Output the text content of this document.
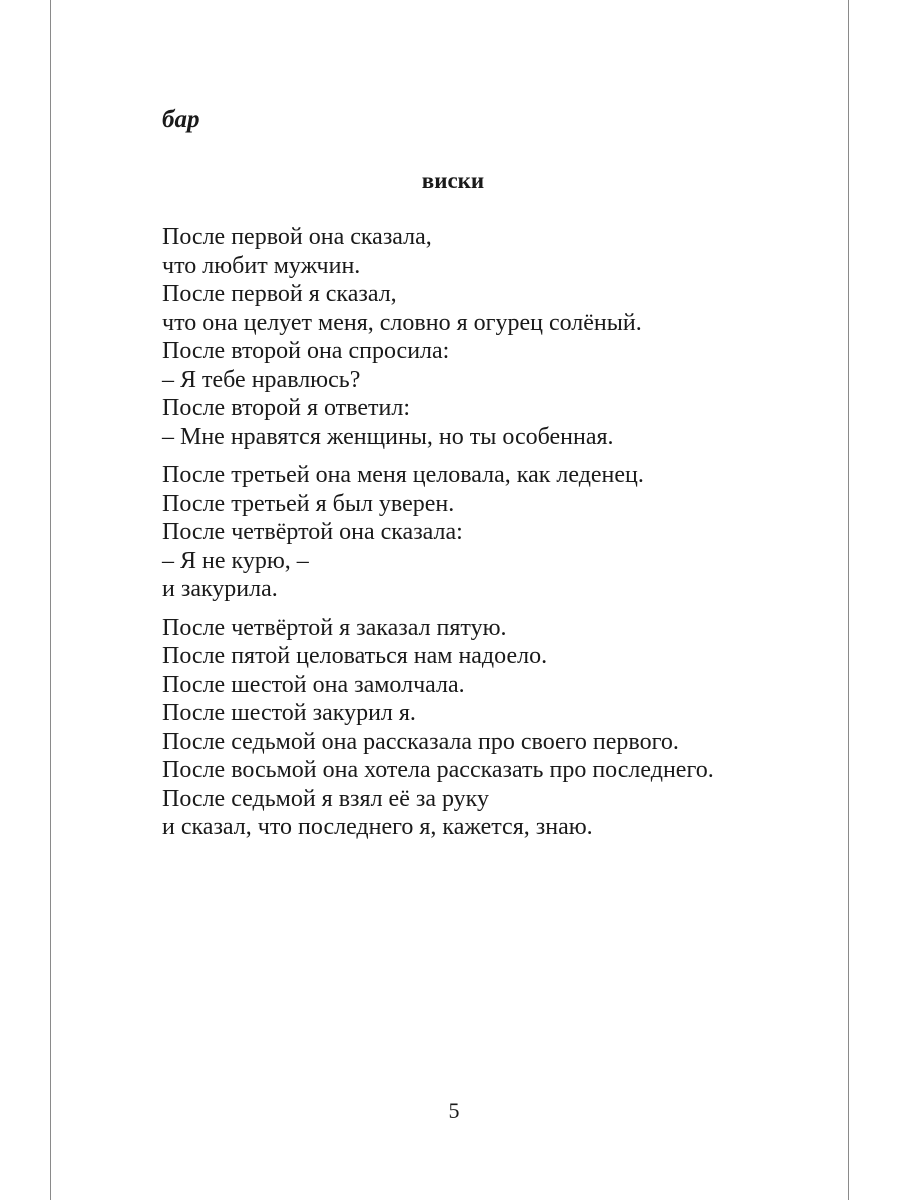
бар

виски

После первой она сказала,
что любит мужчин.
После первой я сказал,
что она целует меня, словно я огурец солёный.
После второй она спросила:
– Я тебе нравлюсь?
После второй я ответил:
– Мне нравятся женщины, но ты особенная.

После третьей она меня целовала, как леденец.
После третьей я был уверен.
После четвёртой она сказала:
– Я не курю, –
и закурила.

После четвёртой я заказал пятую.
После пятой целоваться нам надоело.
После шестой она замолчала.
После шестой закурил я.
После седьмой она рассказала про своего первого.
После восьмой она хотела рассказать про последнего.
После седьмой я взял её за руку
и сказал, что последнего я, кажется, знаю.

5
